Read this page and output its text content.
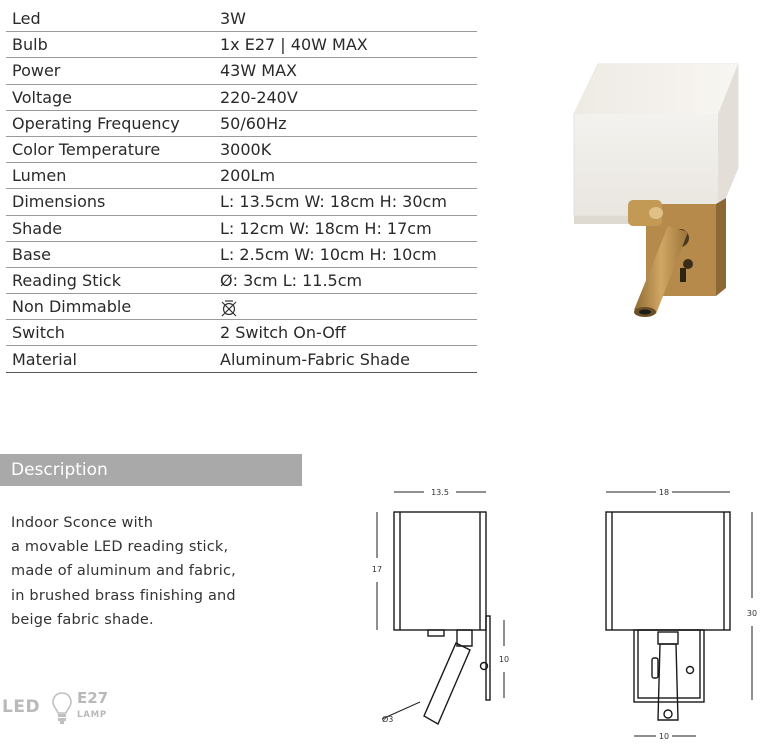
Led	3W
Bulb	1x E27 | 40W MAX
Power	43W MAX
Voltage	220-240V
Operating Frequency	50/60Hz
Color Temperature	3000K
Lumen	200Lm
Dimensions	L: 13.5cm W: 18cm H: 30cm
Shade	L: 12cm W: 18cm H: 17cm
Base	L: 2.5cm W: 10cm H: 10cm
Reading Stick	Ø: 3cm L: 11.5cm
Non Dimmable	
Switch	2 Switch On-Off
Material	Aluminum-Fabric Shade
Description
Indoor Sconce with
a movable LED reading stick,
made of aluminum and fabric,
in brushed brass finishing and
beige fabric shade.
13.5
17
10
Ø3
18
30
10
LED E27
LAMP
